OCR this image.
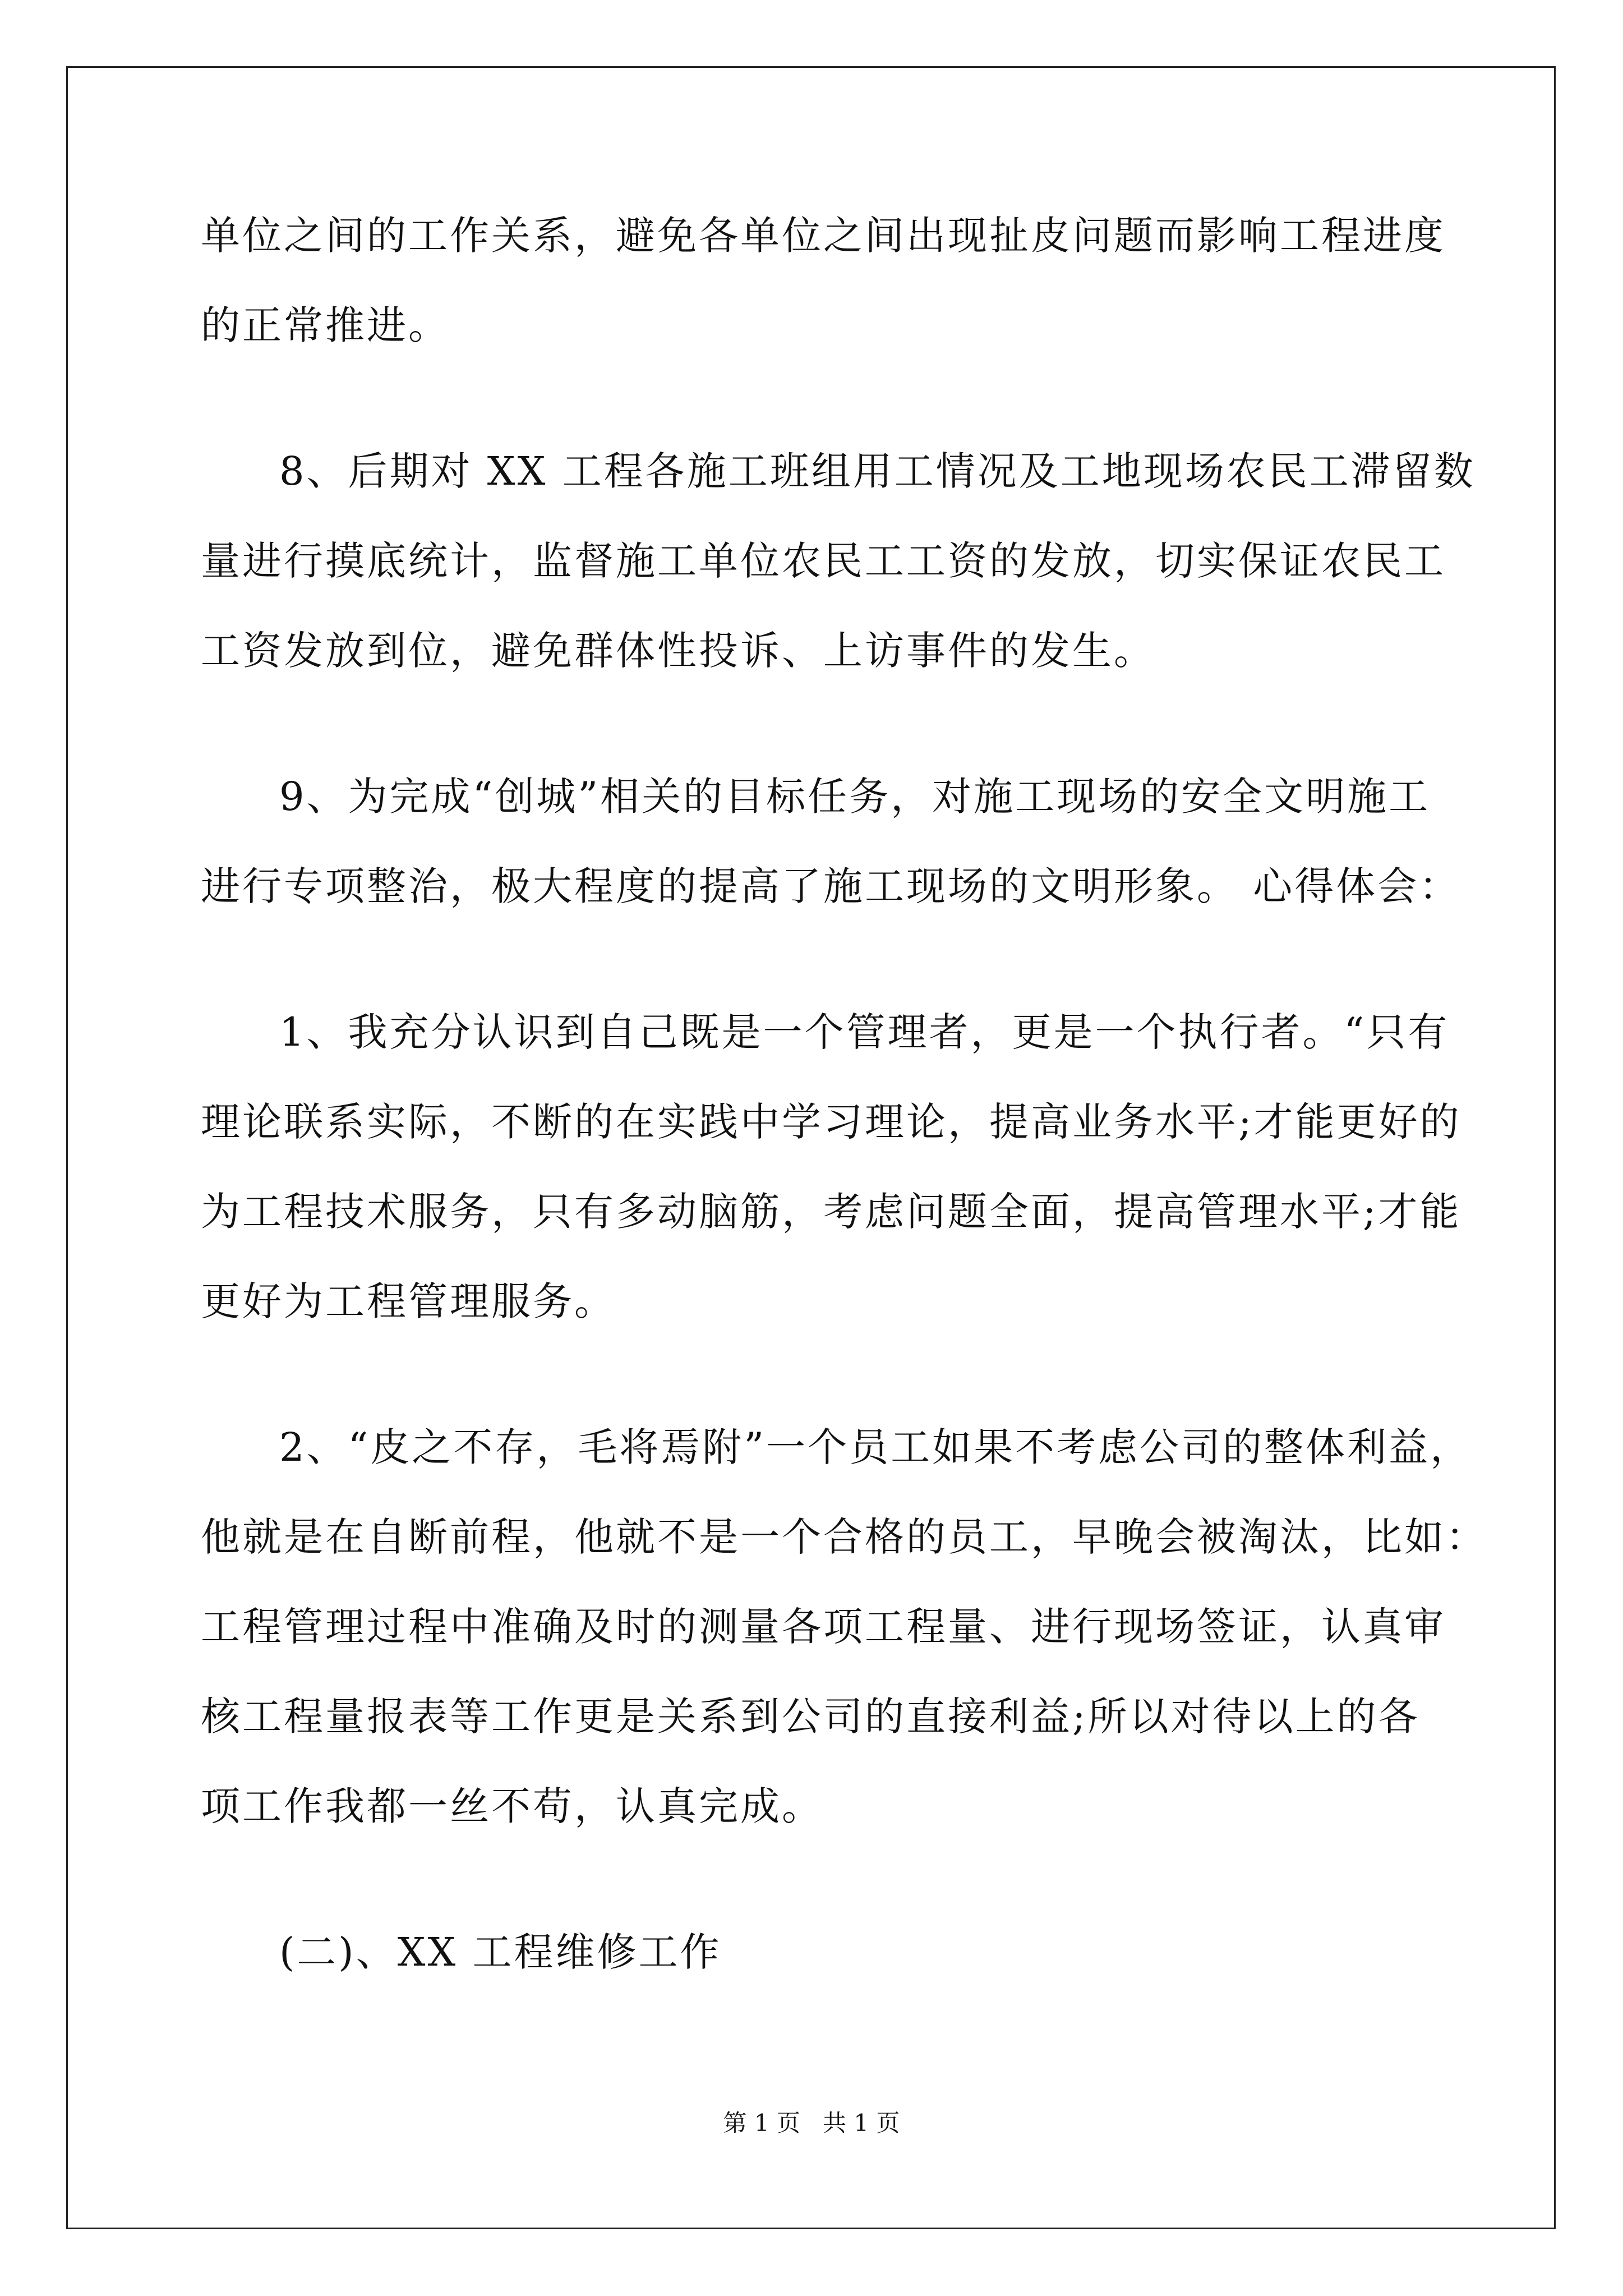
单位之间的工作关系，避免各单位之间出现扯皮问题而影响工程进度
的正常推进。
8、后期对 XX 工程各施工班组用工情况及工地现场农民工滞留数
量进行摸底统计，监督施工单位农民工工资的发放，切实保证农民工
工资发放到位，避免群体性投诉、上访事件的发生。
9、为完成“创城”相关的目标任务，对施工现场的安全文明施工
进行专项整治，极大程度的提高了施工现场的文明形象。 心得体会：
1、我充分认识到自己既是一个管理者，更是一个执行者。“只有
理论联系实际，不断的在实践中学习理论，提高业务水平;才能更好的
为工程技术服务，只有多动脑筋，考虑问题全面，提高管理水平;才能
更好为工程管理服务。
2、“皮之不存，毛将焉附”一个员工如果不考虑公司的整体利益，
他就是在自断前程，他就不是一个合格的员工，早晚会被淘汰，比如：
工程管理过程中准确及时的测量各项工程量、进行现场签证，认真审
核工程量报表等工作更是关系到公司的直接利益;所以对待以上的各
项工作我都一丝不苟，认真完成。
(二)、XX 工程维修工作
第 1 页   共 1 页
